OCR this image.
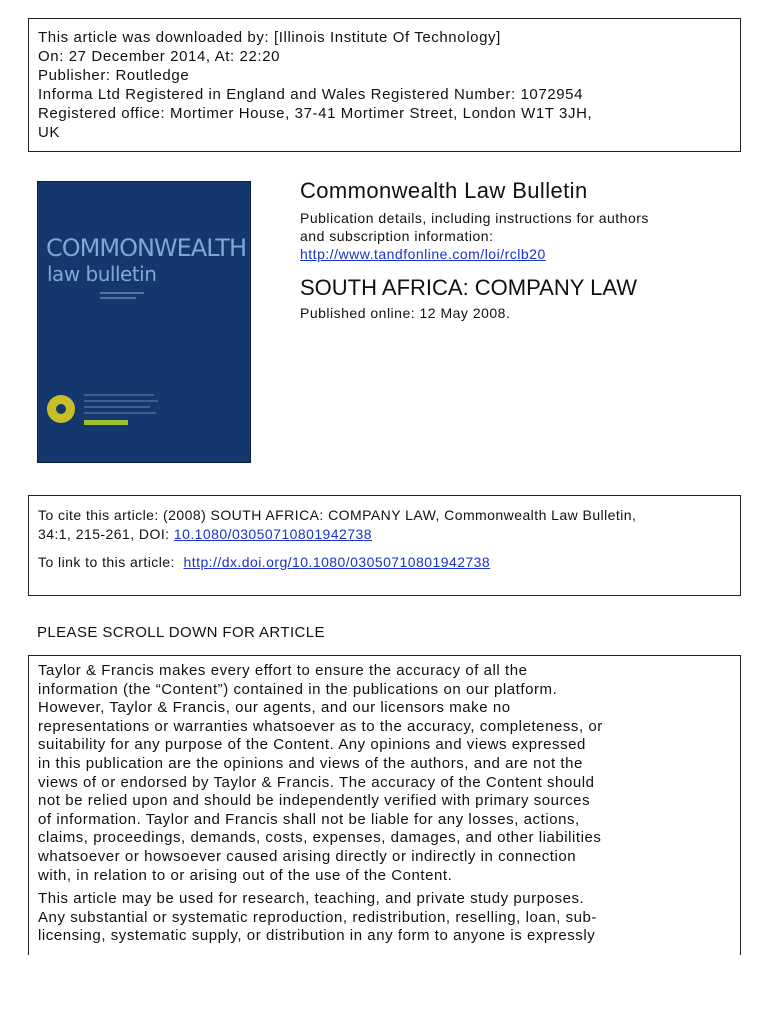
This article was downloaded by: [Illinois Institute Of Technology]
On: 27 December 2014, At: 22:20
Publisher: Routledge
Informa Ltd Registered in England and Wales Registered Number: 1072954
Registered office: Mortimer House, 37-41 Mortimer Street, London W1T 3JH,
UK
COMMONWEALTH
law bulletin
Commonwealth Law Bulletin
Publication details, including instructions for authors
and subscription information:
http://www.tandfonline.com/loi/rclb20
SOUTH AFRICA: COMPANY LAW
Published online: 12 May 2008.
To cite this article: (2008) SOUTH AFRICA: COMPANY LAW, Commonwealth Law Bulletin,
34:1, 215-261, DOI: 10.1080/03050710801942738
To link to this article:  http://dx.doi.org/10.1080/03050710801942738
PLEASE SCROLL DOWN FOR ARTICLE
Taylor & Francis makes every effort to ensure the accuracy of all the
information (the “Content”) contained in the publications on our platform.
However, Taylor & Francis, our agents, and our licensors make no
representations or warranties whatsoever as to the accuracy, completeness, or
suitability for any purpose of the Content. Any opinions and views expressed
in this publication are the opinions and views of the authors, and are not the
views of or endorsed by Taylor & Francis. The accuracy of the Content should
not be relied upon and should be independently verified with primary sources
of information. Taylor and Francis shall not be liable for any losses, actions,
claims, proceedings, demands, costs, expenses, damages, and other liabilities
whatsoever or howsoever caused arising directly or indirectly in connection
with, in relation to or arising out of the use of the Content.
This article may be used for research, teaching, and private study purposes.
Any substantial or systematic reproduction, redistribution, reselling, loan, sub-
licensing, systematic supply, or distribution in any form to anyone is expressly
